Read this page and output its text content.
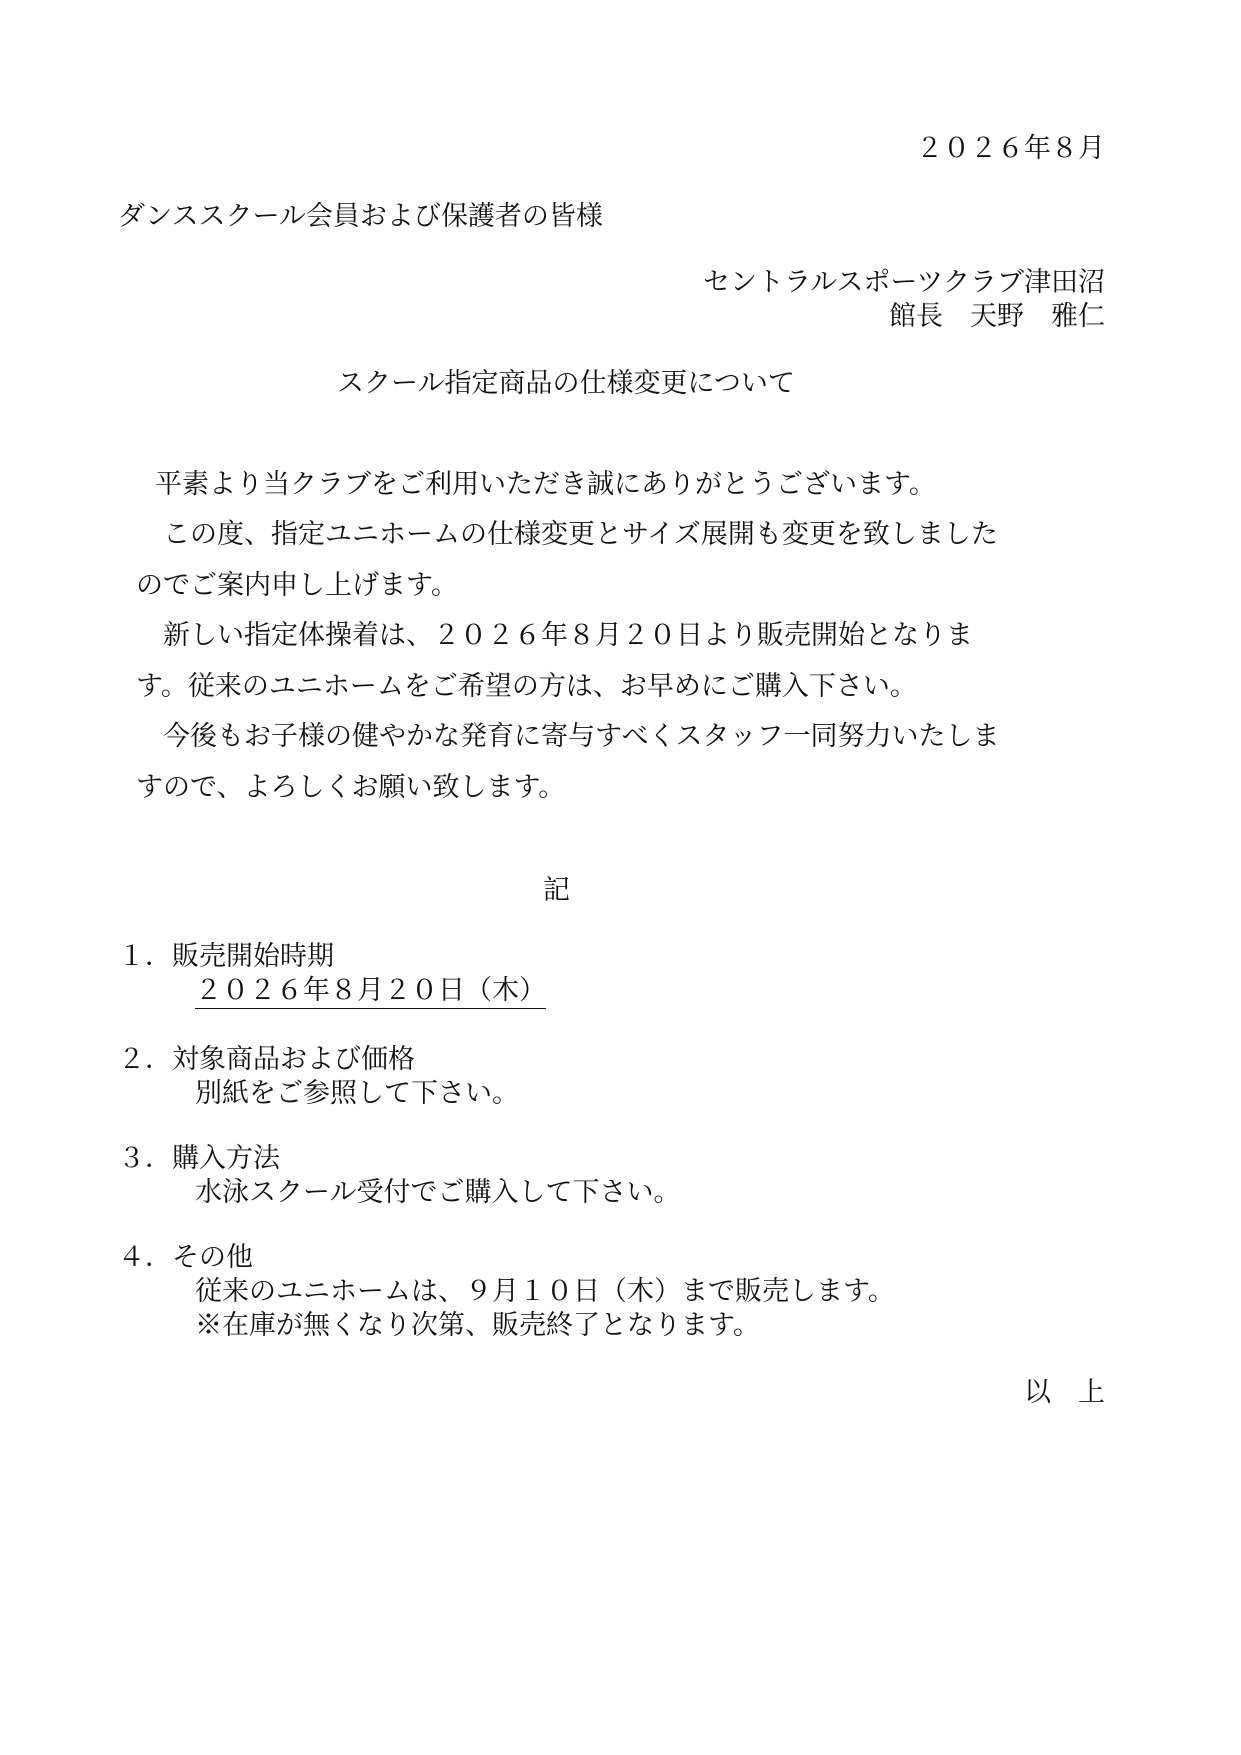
２０２６年８月
ダンススクール会員および保護者の皆様
セントラルスポーツクラブ津田沼
館長　天野　雅仁
スクール指定商品の仕様変更について
平素より当クラブをご利用いただき誠にありがとうございます。
この度、指定ユニホームの仕様変更とサイズ展開も変更を致しました
のでご案内申し上げます。
新しい指定体操着は、２０２６年８月２０日より販売開始となりま
す。従来のユニホームをご希望の方は、お早めにご購入下さい。
今後もお子様の健やかな発育に寄与すべくスタッフ一同努力いたしま
すので、よろしくお願い致します。
記
１．販売開始時期
２０２６年８月２０日（木）
２．対象商品および価格
別紙をご参照して下さい。
３．購入方法
水泳スクール受付でご購入して下さい。
４．その他
従来のユニホームは、９月１０日（木）まで販売します。
※在庫が無くなり次第、販売終了となります。
以　上
